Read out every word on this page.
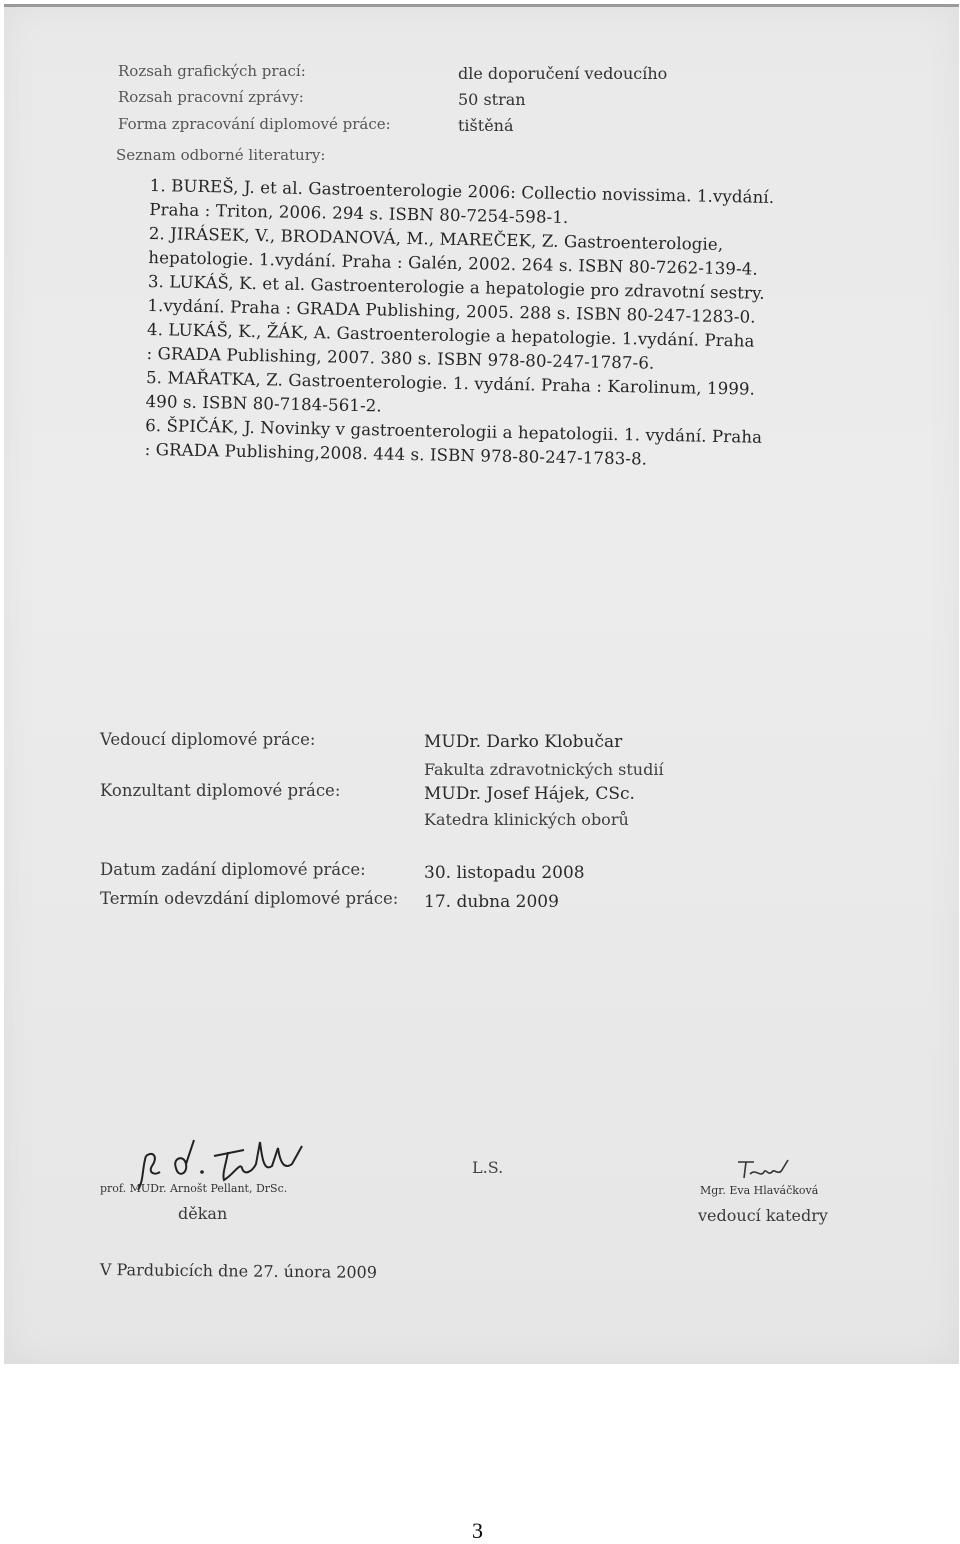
Rozsah grafických prací:	dle doporučení vedoucího
Rozsah pracovní zprávy:	50 stran
Forma zpracování diplomové práce:	tištěná
Seznam odborné literatury:
1. BUREŠ, J. et al. Gastroenterologie 2006: Collectio novissima. 1.vydání.
Praha : Triton, 2006. 294 s. ISBN 80-7254-598-1.
2. JIRÁSEK, V., BRODANOVÁ, M., MAREČEK, Z. Gastroenterologie,
hepatologie. 1.vydání. Praha : Galén, 2002. 264 s. ISBN 80-7262-139-4.
3. LUKÁŠ, K. et al. Gastroenterologie a hepatologie pro zdravotní sestry.
1.vydání. Praha : GRADA Publishing, 2005. 288 s. ISBN 80-247-1283-0.
4. LUKÁŠ, K., ŽÁK, A. Gastroenterologie a hepatologie. 1.vydání. Praha
: GRADA Publishing, 2007. 380 s. ISBN 978-80-247-1787-6.
5. MAŘATKA, Z. Gastroenterologie. 1. vydání. Praha : Karolinum, 1999.
490 s. ISBN 80-7184-561-2.
6. ŠPIČÁK, J. Novinky v gastroenterologii a hepatologii. 1. vydání. Praha
: GRADA Publishing,2008. 444 s. ISBN 978-80-247-1783-8.
Vedoucí diplomové práce:	MUDr. Darko Klobučar
Fakulta zdravotnických studií
Konzultant diplomové práce:	MUDr. Josef Hájek, CSc.
Katedra klinických oborů
Datum zadání diplomové práce:	30. listopadu 2008
Termín odevzdání diplomové práce: 17. dubna 2009
prof. MUDr. Arnošt Pellant, DrSc.
děkan
L.S.
Mgr. Eva Hlaváčková
vedoucí katedry
V Pardubicích dne 27. února 2009
3
